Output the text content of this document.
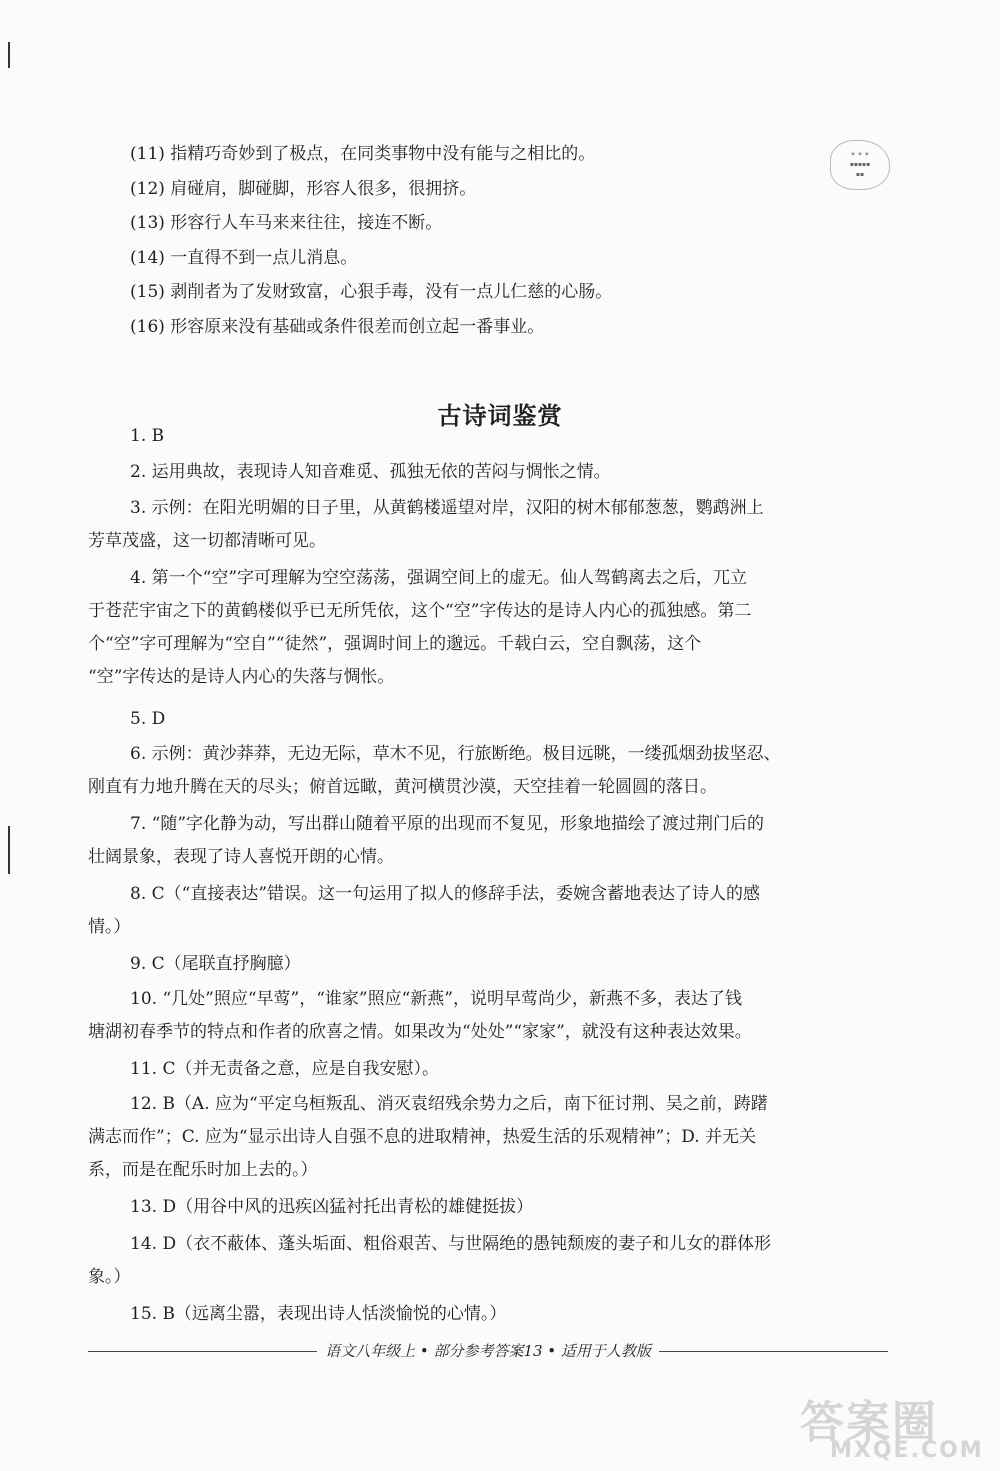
✶ ✶ ✶
▪▪▪▪▪
▪▪
(11) 指精巧奇妙到了极点，在同类事物中没有能与之相比的。
(12) 肩碰肩，脚碰脚，形容人很多，很拥挤。
(13) 形容行人车马来来往往，接连不断。
(14) 一直得不到一点儿消息。
(15) 剥削者为了发财致富，心狠手毒，没有一点儿仁慈的心肠。
(16) 形容原来没有基础或条件很差而创立起一番事业。
古诗词鉴赏
1. B
2. 运用典故，表现诗人知音难觅、孤独无依的苦闷与惆怅之情。
3. 示例：在阳光明媚的日子里，从黄鹤楼遥望对岸，汉阳的树木郁郁葱葱，鹦鹉洲上
芳草茂盛，这一切都清晰可见。
4. 第一个“空”字可理解为空空荡荡，强调空间上的虚无。仙人驾鹤离去之后，兀立
于苍茫宇宙之下的黄鹤楼似乎已无所凭依，这个“空”字传达的是诗人内心的孤独感。第二
个“空”字可理解为“空自”“徒然”，强调时间上的邈远。千载白云，空自飘荡，这个
“空”字传达的是诗人内心的失落与惆怅。
5. D
6. 示例：黄沙莽莽，无边无际，草木不见，行旅断绝。极目远眺，一缕孤烟劲拔坚忍、
刚直有力地升腾在天的尽头；俯首远瞰，黄河横贯沙漠，天空挂着一轮圆圆的落日。
7. “随”字化静为动，写出群山随着平原的出现而不复见，形象地描绘了渡过荆门后的
壮阔景象，表现了诗人喜悦开朗的心情。
8. C（“直接表达”错误。这一句运用了拟人的修辞手法，委婉含蓄地表达了诗人的感
情。）
9. C（尾联直抒胸臆）
10. “几处”照应“早莺”，“谁家”照应“新燕”，说明早莺尚少，新燕不多，表达了钱
塘湖初春季节的特点和作者的欣喜之情。如果改为“处处”“家家”，就没有这种表达效果。
11. C（并无责备之意，应是自我安慰）。
12. B（A. 应为“平定乌桓叛乱、消灭袁绍残余势力之后，南下征讨荆、吴之前，踌躇
满志而作”；C. 应为“显示出诗人自强不息的进取精神，热爱生活的乐观精神”；D. 并无关
系，而是在配乐时加上去的。）
13. D（用谷中风的迅疾凶猛衬托出青松的雄健挺拔）
14. D（衣不蔽体、蓬头垢面、粗俗艰苦、与世隔绝的愚钝颓废的妻子和儿女的群体形
象。）
15. B（远离尘嚣，表现出诗人恬淡愉悦的心情。）
语文八年级上 • 部分参考答案13 • 适用于人教版
答案圈
MXQE.COM
